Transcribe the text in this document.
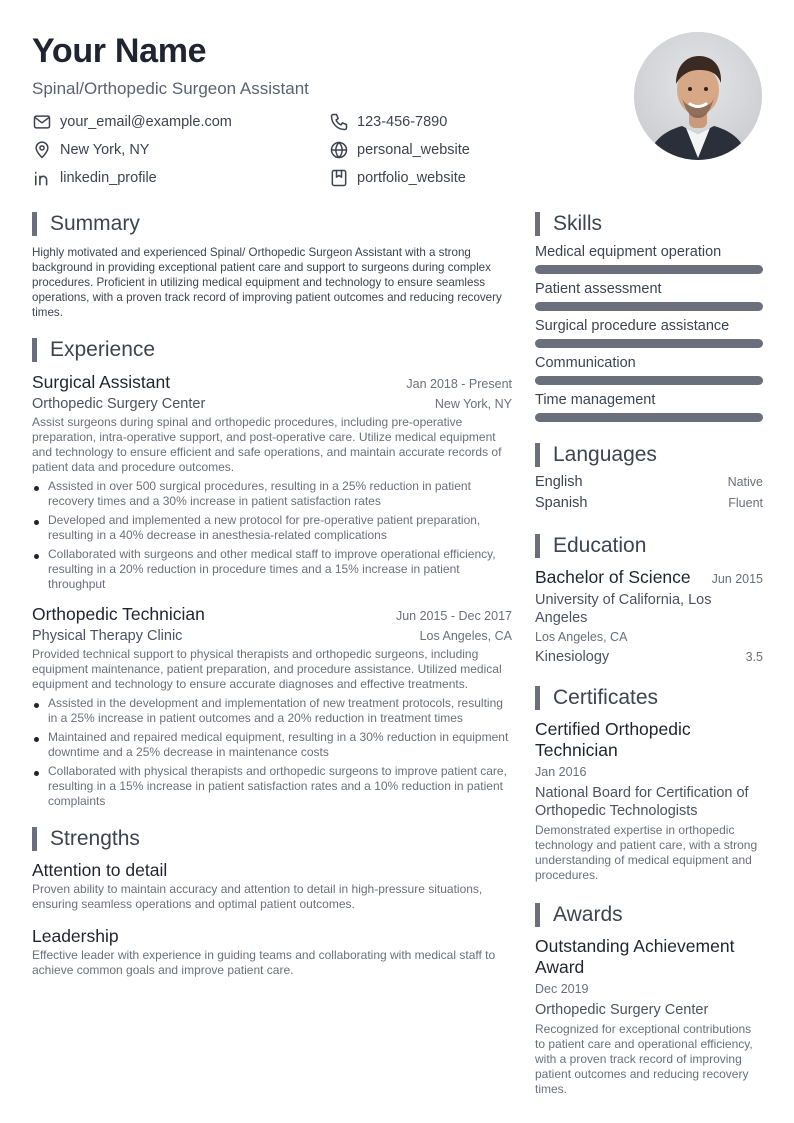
Your Name
Spinal/Orthopedic Surgeon Assistant
your_email@example.com	123-456-7890
New York, NY	personal_website
linkedin_profile	portfolio_website
Summary
Highly motivated and experienced Spinal/ Orthopedic Surgeon Assistant with a strong background in providing exceptional patient care and support to surgeons during complex procedures. Proficient in utilizing medical equipment and technology to ensure seamless operations, with a proven track record of improving patient outcomes and reducing recovery times.
Experience
Surgical Assistant	Jan 2018 - Present
Orthopedic Surgery Center	New York, NY
Assist surgeons during spinal and orthopedic procedures, including pre-operative preparation, intra-operative support, and post-operative care. Utilize medical equipment and technology to ensure efficient and safe operations, and maintain accurate records of patient data and procedure outcomes.
Assisted in over 500 surgical procedures, resulting in a 25% reduction in patient recovery times and a 30% increase in patient satisfaction rates
Developed and implemented a new protocol for pre-operative patient preparation, resulting in a 40% decrease in anesthesia-related complications
Collaborated with surgeons and other medical staff to improve operational efficiency, resulting in a 20% reduction in procedure times and a 15% increase in patient throughput
Orthopedic Technician	Jun 2015 - Dec 2017
Physical Therapy Clinic	Los Angeles, CA
Provided technical support to physical therapists and orthopedic surgeons, including equipment maintenance, patient preparation, and procedure assistance. Utilized medical equipment and technology to ensure accurate diagnoses and effective treatments.
Assisted in the development and implementation of new treatment protocols, resulting in a 25% increase in patient outcomes and a 20% reduction in treatment times
Maintained and repaired medical equipment, resulting in a 30% reduction in equipment downtime and a 25% decrease in maintenance costs
Collaborated with physical therapists and orthopedic surgeons to improve patient care, resulting in a 15% increase in patient satisfaction rates and a 10% reduction in patient complaints
Strengths
Attention to detail
Proven ability to maintain accuracy and attention to detail in high-pressure situations, ensuring seamless operations and optimal patient outcomes.
Leadership
Effective leader with experience in guiding teams and collaborating with medical staff to achieve common goals and improve patient care.
Skills
Medical equipment operation
Patient assessment
Surgical procedure assistance
Communication
Time management
Languages
English	Native
Spanish	Fluent
Education
Bachelor of Science Jun 2015
University of California, Los Angeles
Los Angeles, CA
Kinesiology	3.5
Certificates
Certified Orthopedic Technician
Jan 2016
National Board for Certification of Orthopedic Technologists
Demonstrated expertise in orthopedic technology and patient care, with a strong understanding of medical equipment and procedures.
Awards
Outstanding Achievement Award
Dec 2019
Orthopedic Surgery Center
Recognized for exceptional contributions to patient care and operational efficiency, with a proven track record of improving patient outcomes and reducing recovery times.
